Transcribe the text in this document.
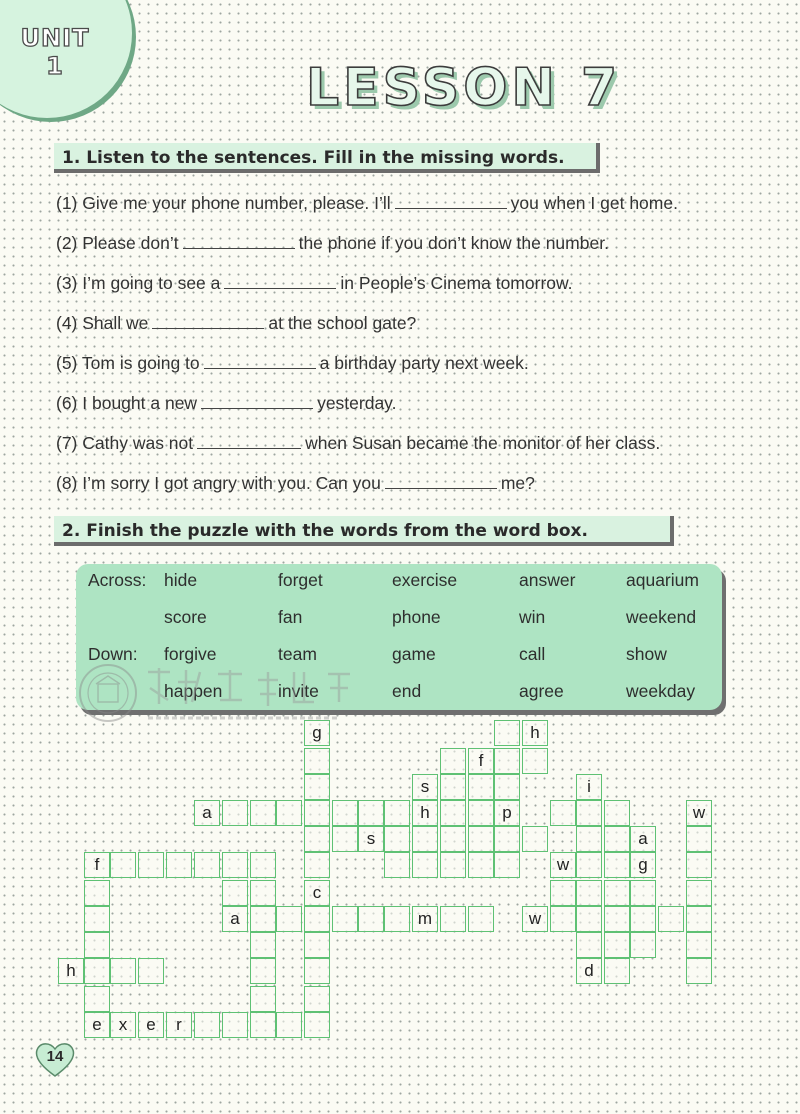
UNIT
1	LESSON 7
1. Listen to the sentences. Fill in the missing words.
(1) Give me your phone number, please. I’ll	you when I get home.
(2) Please don’t	the phone if you don’t know the number.
(3) I’m going to see a	in People’s Cinema tomorrow.
(4) Shall we	at the school gate?
(5) Tom is going to	a birthday party next week.
(6) I bought a new	yesterday.
(7) Cathy was not	when Susan became the monitor of her class.
(8) I’m sorry I got angry with you. Can you	me?
2. Finish the puzzle with the words from the word box.
Across:
Down:
hide	forget	exercise	answer	aquarium
score	fan	phone	win	weekend
forgive	team	game	call	show
happen	invite	end	agree	weekday
g	h
f
s	i
a	h	p	w
s	a
f	w	g
c
a	m	w
h	d
e	x	e	r
14
